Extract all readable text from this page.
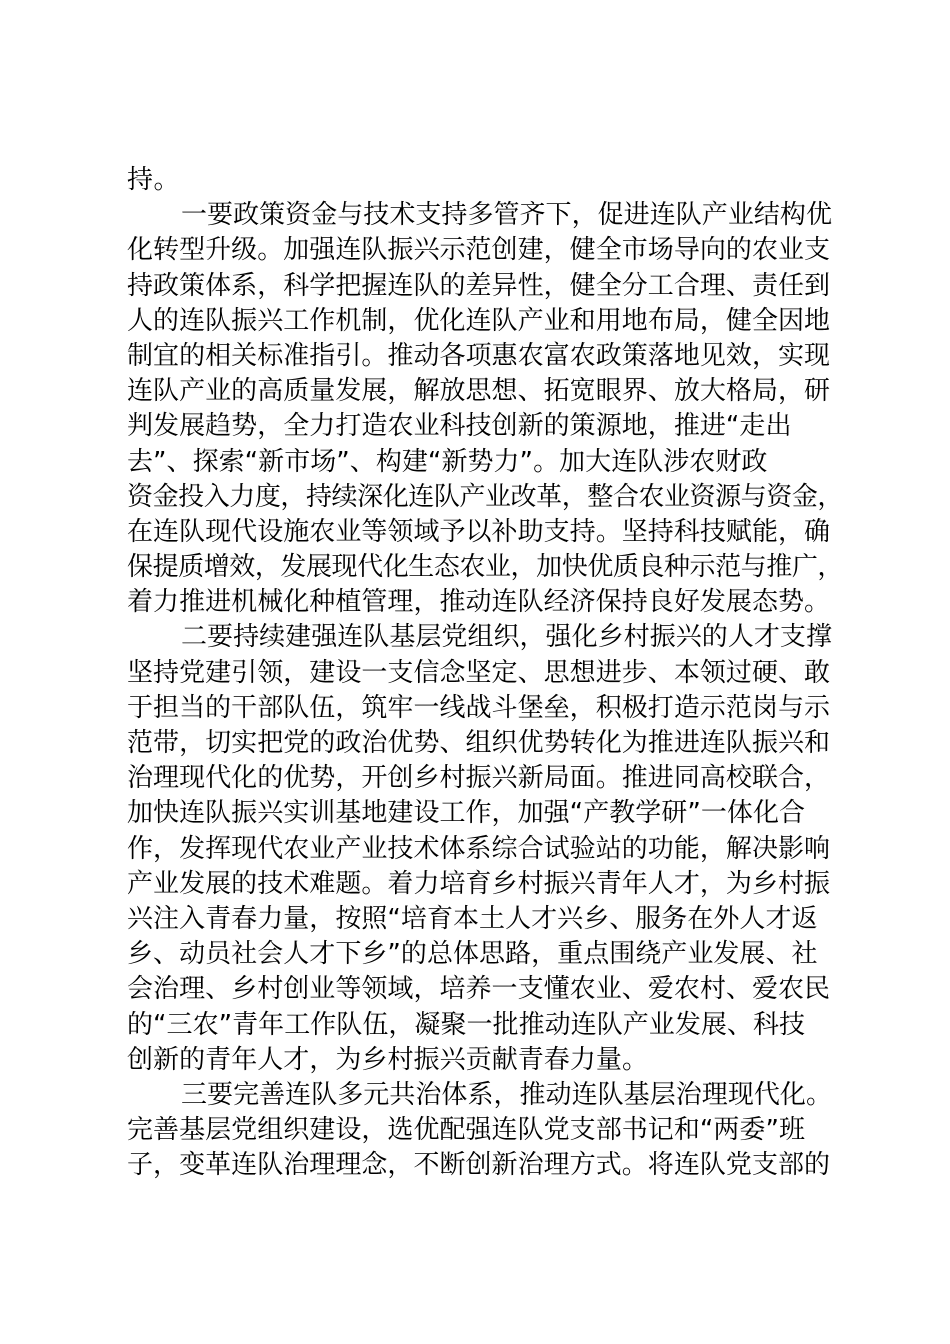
持。
一要政策资金与技术支持多管齐下，促进连队产业结构优
化转型升级。加强连队振兴示范创建，健全市场导向的农业支
持政策体系，科学把握连队的差异性，健全分工合理、责任到
人的连队振兴工作机制，优化连队产业和用地布局，健全因地
制宜的相关标准指引。推动各项惠农富农政策落地见效，实现
连队产业的高质量发展，解放思想、拓宽眼界、放大格局，研
判发展趋势，全力打造农业科技创新的策源地，推进“走出
去”、探索“新市场”、构建“新势力”。加大连队涉农财政
资金投入力度，持续深化连队产业改革，整合农业资源与资金，
在连队现代设施农业等领域予以补助支持。坚持科技赋能，确
保提质增效，发展现代化生态农业，加快优质良种示范与推广，
着力推进机械化种植管理，推动连队经济保持良好发展态势。
二要持续建强连队基层党组织，强化乡村振兴的人才支撑
坚持党建引领，建设一支信念坚定、思想进步、本领过硬、敢
于担当的干部队伍，筑牢一线战斗堡垒，积极打造示范岗与示
范带，切实把党的政治优势、组织优势转化为推进连队振兴和
治理现代化的优势，开创乡村振兴新局面。推进同高校联合，
加快连队振兴实训基地建设工作，加强“产教学研”一体化合
作，发挥现代农业产业技术体系综合试验站的功能，解决影响
产业发展的技术难题。着力培育乡村振兴青年人才，为乡村振
兴注入青春力量，按照“培育本土人才兴乡、服务在外人才返
乡、动员社会人才下乡”的总体思路，重点围绕产业发展、社
会治理、乡村创业等领域，培养一支懂农业、爱农村、爱农民
的“三农”青年工作队伍，凝聚一批推动连队产业发展、科技
创新的青年人才，为乡村振兴贡献青春力量。
三要完善连队多元共治体系，推动连队基层治理现代化。
完善基层党组织建设，选优配强连队党支部书记和“两委”班
子，变革连队治理理念，不断创新治理方式。将连队党支部的
